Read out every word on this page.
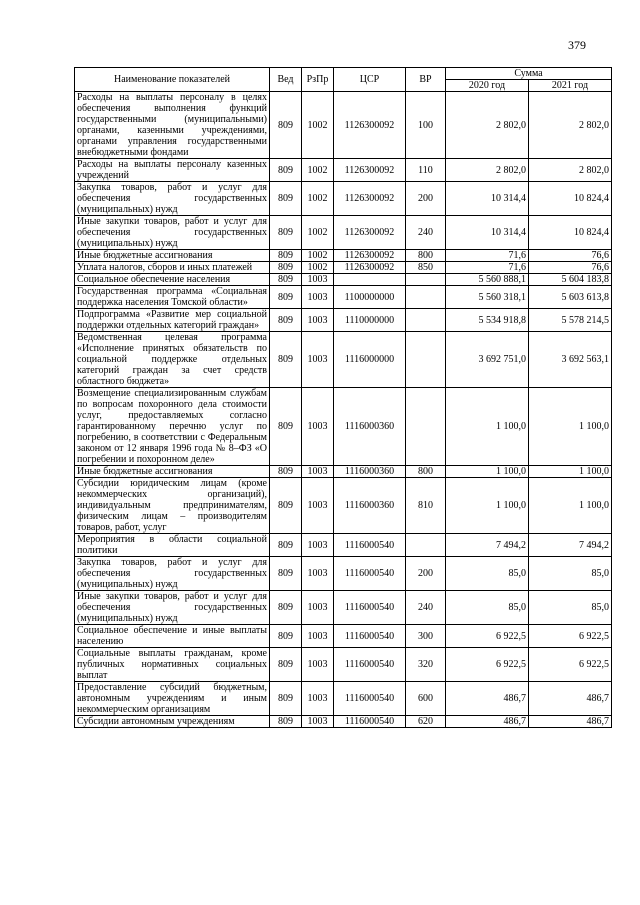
379
Наименование показателей	Вед	РзПр	ЦСР	ВР	Сумма	
					2020 год	2021 год
Расходы на выплаты персоналу в целях обеспечения выполнения функций государственными (муниципальными) органами, казенными учреждениями, органами управления государственными внебюджетными фондами	809	1002	1126300092	100	2 802,0	2 802,0
Расходы на выплаты персоналу казенных учреждений	809	1002	1126300092	110	2 802,0	2 802,0
Закупка товаров, работ и услуг для обеспечения государственных (муниципальных) нужд	809	1002	1126300092	200	10 314,4	10 824,4
Иные закупки товаров, работ и услуг для обеспечения государственных (муниципальных) нужд	809	1002	1126300092	240	10 314,4	10 824,4
Иные бюджетные ассигнования	809	1002	1126300092	800	71,6	76,6
Уплата налогов, сборов и иных платежей	809	1002	1126300092	850	71,6	76,6
Социальное обеспечение населения	809	1003			5 560 888,1	5 604 183,8
Государственная программа «Социальная поддержка населения Томской области»	809	1003	1100000000		5 560 318,1	5 603 613,8
Подпрограмма «Развитие мер социальной поддержки отдельных категорий граждан»	809	1003	1110000000		5 534 918,8	5 578 214,5
Ведомственная целевая программа «Исполнение принятых обязательств по социальной поддержке отдельных категорий граждан за счет средств областного бюджета»	809	1003	1116000000		3 692 751,0	3 692 563,1
Возмещение специализированным службам по вопросам похоронного дела стоимости услуг, предоставляемых согласно гарантированному перечню услуг по погребению, в соответствии с Федеральным законом от 12 января 1996 года № 8–ФЗ «О погребении и похоронном деле»	809	1003	1116000360		1 100,0	1 100,0
Иные бюджетные ассигнования	809	1003	1116000360	800	1 100,0	1 100,0
Субсидии юридическим лицам (кроме некоммерческих организаций), индивидуальным предпринимателям, физическим лицам – производителям товаров, работ, услуг	809	1003	1116000360	810	1 100,0	1 100,0
Мероприятия в области социальной политики	809	1003	1116000540		7 494,2	7 494,2
Закупка товаров, работ и услуг для обеспечения государственных (муниципальных) нужд	809	1003	1116000540	200	85,0	85,0
Иные закупки товаров, работ и услуг для обеспечения государственных (муниципальных) нужд	809	1003	1116000540	240	85,0	85,0
Социальное обеспечение и иные выплаты населению	809	1003	1116000540	300	6 922,5	6 922,5
Социальные выплаты гражданам, кроме публичных нормативных социальных выплат	809	1003	1116000540	320	6 922,5	6 922,5
Предоставление субсидий бюджетным, автономным учреждениям и иным некоммерческим организациям	809	1003	1116000540	600	486,7	486,7
Субсидии автономным учреждениям	809	1003	1116000540	620	486,7	486,7
